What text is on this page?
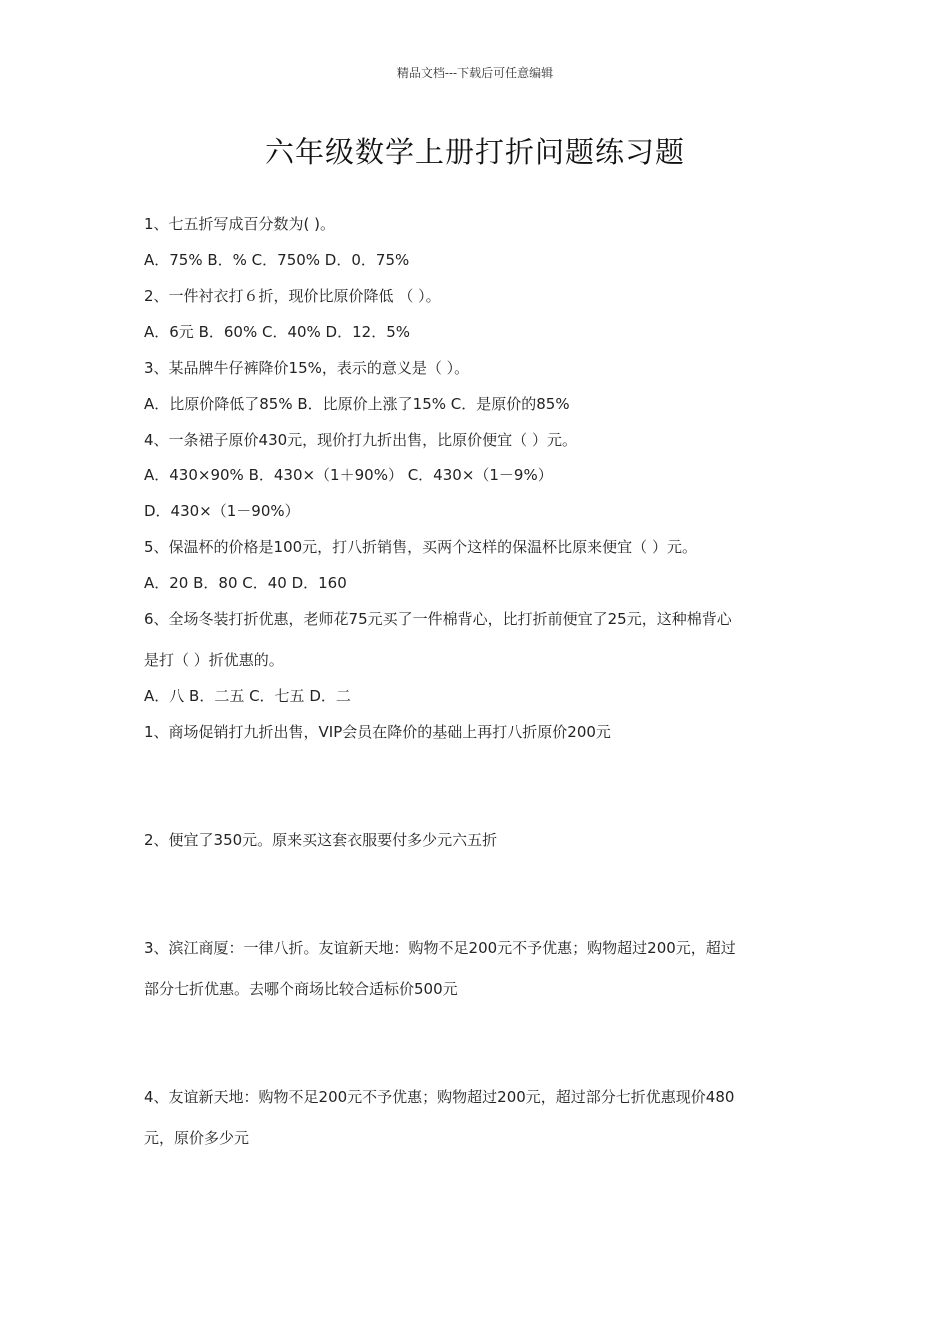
精品文档---下载后可任意编辑
六年级数学上册打折问题练习题
1、七五折写成百分数为( )。
A．75% B．% C．750% D．0．75%
2、一件衬衣打６折，现价比原价降低 （ ）。
A．6元 B．60% C．40% D．12．5%
3、某品牌牛仔裤降价15%，表示的意义是（ ）。
A．比原价降低了85% B．比原价上涨了15% C．是原价的85%
4、一条裙子原价430元，现价打九折出售，比原价便宜（ ）元。
A．430×90% B．430×（1＋90%） C．430×（1－9%）
D．430×（1－90%）
5、保温杯的价格是100元，打八折销售，买两个这样的保温杯比原来便宜（ ）元。
A．20 B．80 C．40 D．160
6、全场冬装打折优惠，老师花75元买了一件棉背心，比打折前便宜了25元，这种棉背心
是打（ ）折优惠的。
A．八 B．二五 C．七五 D．二
1、商场促销打九折出售，VIP会员在降价的基础上再打八折原价200元
2、便宜了350元。原来买这套衣服要付多少元六五折
3、滨江商厦：一律八折。友谊新天地：购物不足200元不予优惠；购物超过200元，超过
部分七折优惠。去哪个商场比较合适标价500元
4、友谊新天地：购物不足200元不予优惠；购物超过200元，超过部分七折优惠现价480
元，原价多少元
